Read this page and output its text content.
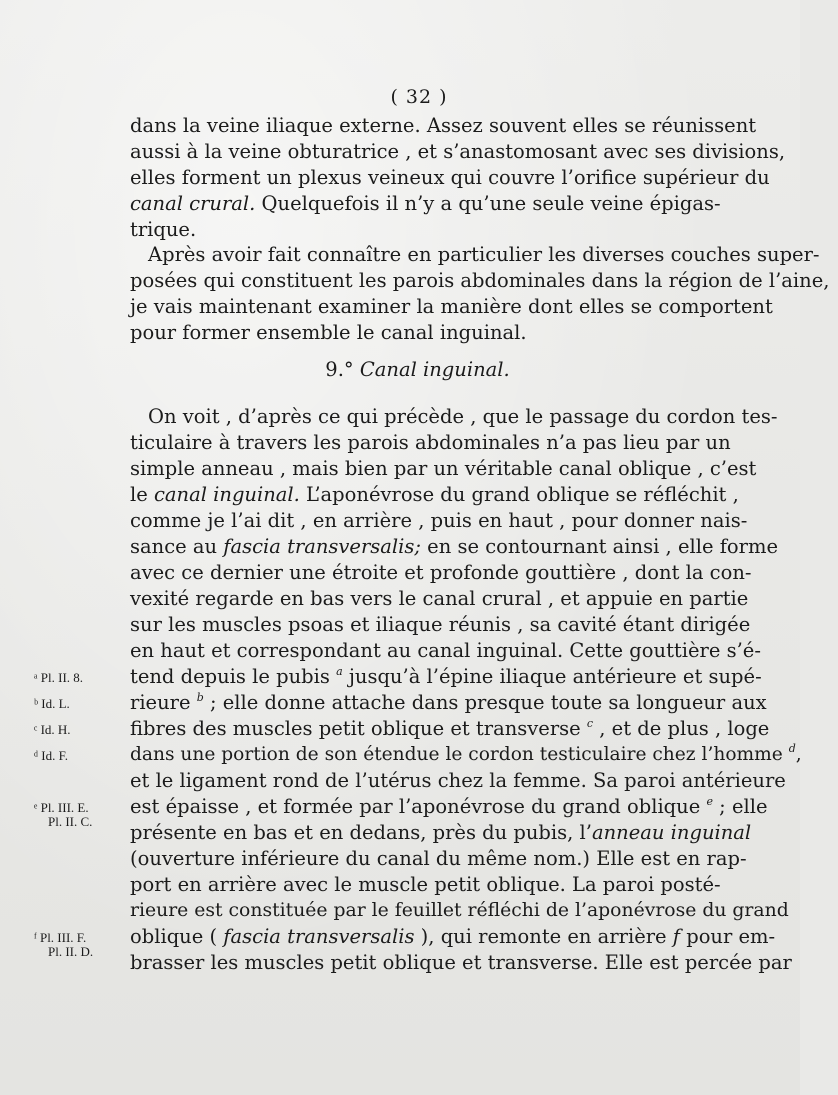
( 32 )
dans la veine iliaque externe. Assez souvent elles se réunissent
aussi à la veine obturatrice , et s’anastomosant avec ses divisions,
elles forment un plexus veineux qui couvre l’orifice supérieur du
canal crural. Quelquefois il n’y a qu’une seule veine épigas-
trique.
Après avoir fait connaître en particulier les diverses couches super-
posées qui constituent les parois abdominales dans la région de l’aine,
je vais maintenant examiner la manière dont elles se comportent
pour former ensemble le canal inguinal.
9.° Canal inguinal.
On voit , d’après ce qui précède , que le passage du cordon tes-
ticulaire à travers les parois abdominales n’a pas lieu par un
simple anneau , mais bien par un véritable canal oblique , c’est
le canal inguinal. L’aponévrose du grand oblique se réfléchit ,
comme je l’ai dit , en arrière , puis en haut , pour donner nais-
sance au fascia transversalis; en se contournant ainsi , elle forme
avec ce dernier une étroite et profonde gouttière , dont la con-
vexité regarde en bas vers le canal crural , et appuie en partie
sur les muscles psoas et iliaque réunis , sa cavité étant dirigée
en haut et correspondant au canal inguinal. Cette gouttière s’é-
tend depuis le pubis $^a$ jusqu’à l’épine iliaque antérieure et supé-
rieure $^b$ ; elle donne attache dans presque toute sa longueur aux
fibres des muscles petit oblique et transverse $^c$ , et de plus , loge
dans une portion de son étendue le cordon testiculaire chez l’homme $^d$,
et le ligament rond de l’utérus chez la femme. Sa paroi antérieure
est épaisse , et formée par l’aponévrose du grand oblique $^e$ ; elle
présente en bas et en dedans, près du pubis, l’anneau inguinal
(ouverture inférieure du canal du même nom.) Elle est en rap-
port en arrière avec le muscle petit oblique. La paroi posté-
rieure est constituée par le feuillet réfléchi de l’aponévrose du grand
oblique ( fascia transversalis ), qui remonte en arrière f pour em-
brasser les muscles petit oblique et transverse. Elle est percée par
ᵃ Pl. II. 8.
ᵇ Id. L.
ᶜ Id. H.
ᵈ Id. F.
ᵉ Pl. III. E.
Pl. II. C.
ᶠ Pl. III. F.
Pl. II. D.
